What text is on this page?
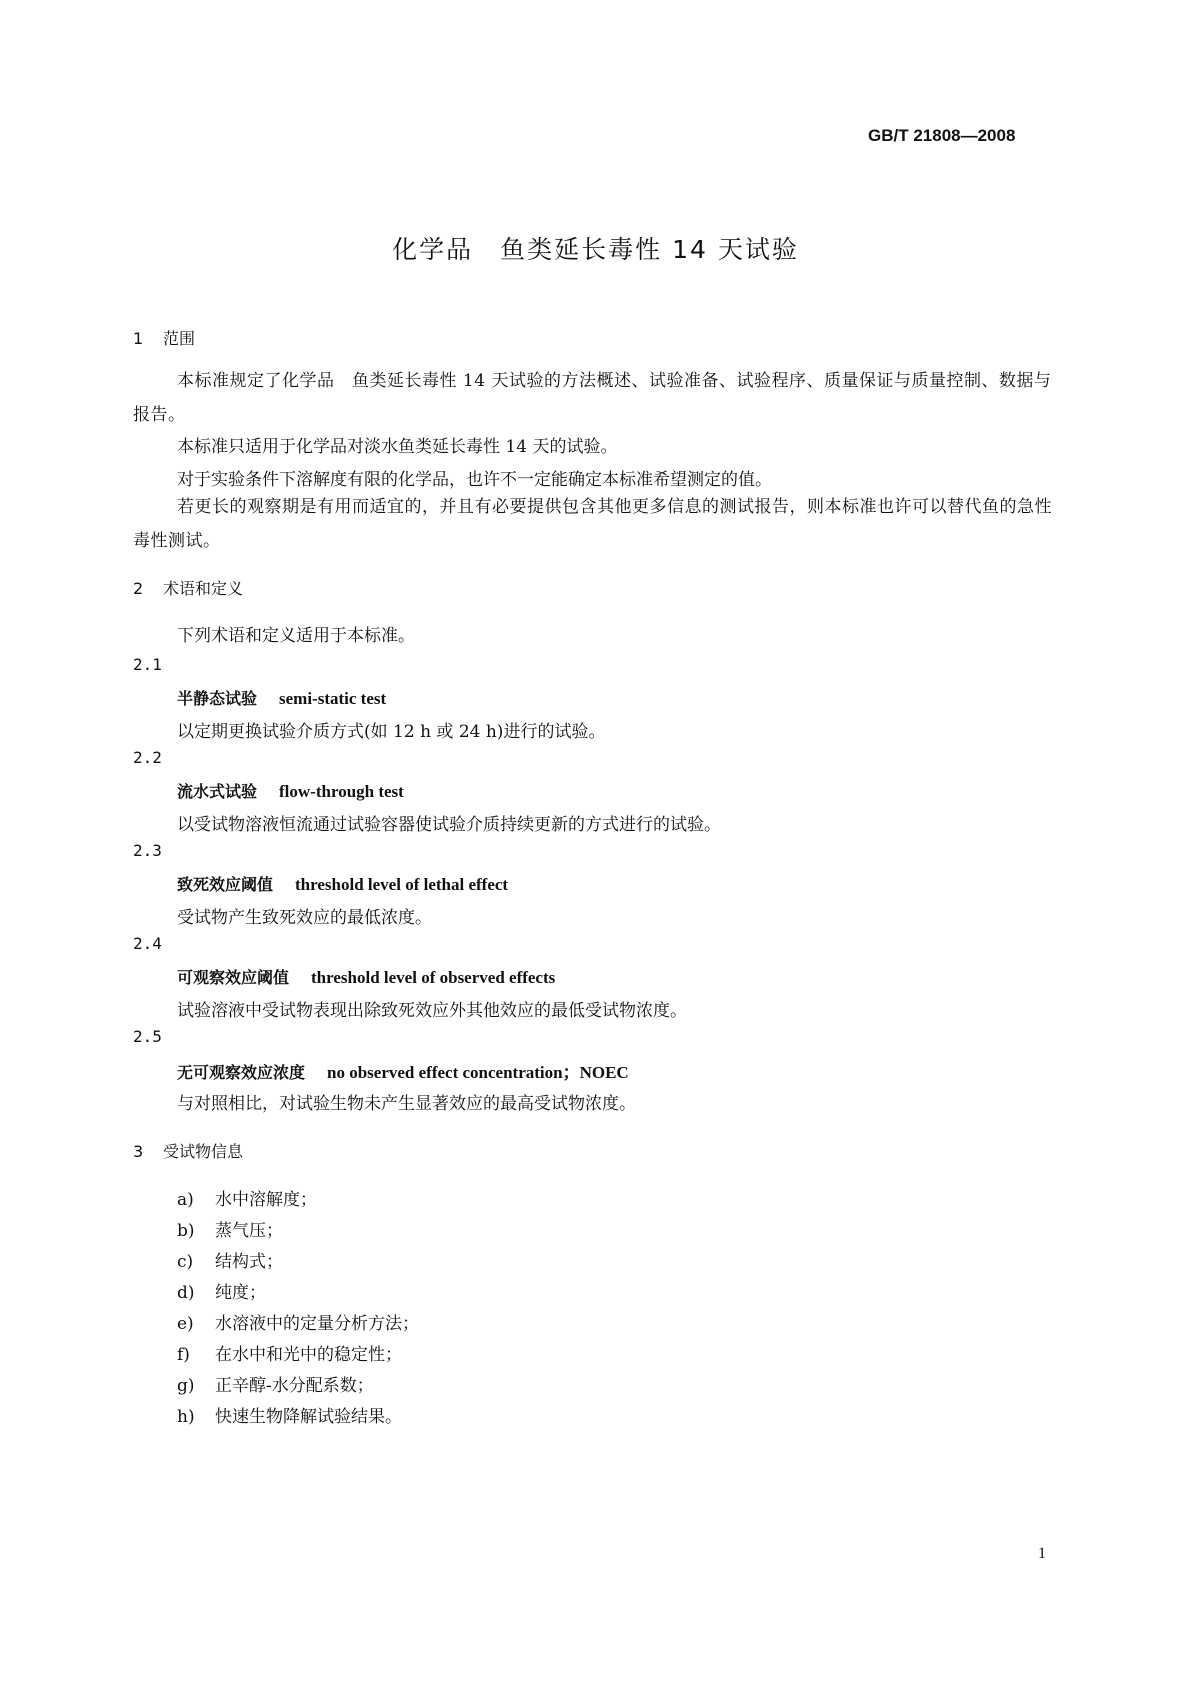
GB/T 21808—2008
化学品　鱼类延长毒性 14 天试验
1 范围
本标准规定了化学品　鱼类延长毒性 14 天试验的方法概述、试验准备、试验程序、质量保证与质量控制、数据与报告。
本标准只适用于化学品对淡水鱼类延长毒性 14 天的试验。
对于实验条件下溶解度有限的化学品，也许不一定能确定本标准希望测定的值。
若更长的观察期是有用而适宜的，并且有必要提供包含其他更多信息的测试报告，则本标准也许可以替代鱼的急性毒性测试。
2 术语和定义
下列术语和定义适用于本标准。
2.1
半静态试验 semi-static test
以定期更换试验介质方式(如 12 h 或 24 h)进行的试验。
2.2
流水式试验 flow-through test
以受试物溶液恒流通过试验容器使试验介质持续更新的方式进行的试验。
2.3
致死效应阈值 threshold level of lethal effect
受试物产生致死效应的最低浓度。
2.4
可观察效应阈值 threshold level of observed effects
试验溶液中受试物表现出除致死效应外其他效应的最低受试物浓度。
2.5
无可观察效应浓度 no observed effect concentration；NOEC
与对照相比，对试验生物未产生显著效应的最高受试物浓度。
3 受试物信息
a) 水中溶解度；
b) 蒸气压；
c) 结构式；
d) 纯度；
e) 水溶液中的定量分析方法；
f) 在水中和光中的稳定性；
g) 正辛醇-水分配系数；
h) 快速生物降解试验结果。
1
